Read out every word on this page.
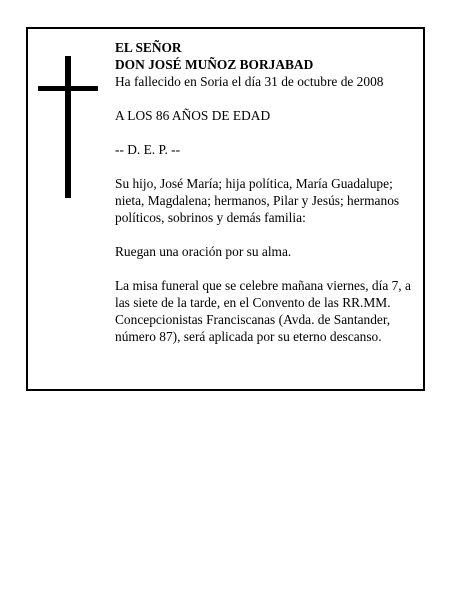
EL SEÑOR
DON JOSÉ MUÑOZ BORJABAD
Ha fallecido en Soria el día 31 de octubre de 2008
A LOS 86 AÑOS DE EDAD
-- D. E. P. --
Su hijo, José María; hija política, María Guadalupe;
nieta, Magdalena; hermanos, Pilar y Jesús; hermanos
políticos, sobrinos y demás familia:
Ruegan una oración por su alma.
La misa funeral que se celebre mañana viernes, día 7, a
las siete de la tarde, en el Convento de las RR.MM.
Concepcionistas Franciscanas (Avda. de Santander,
número 87), será aplicada por su eterno descanso.
